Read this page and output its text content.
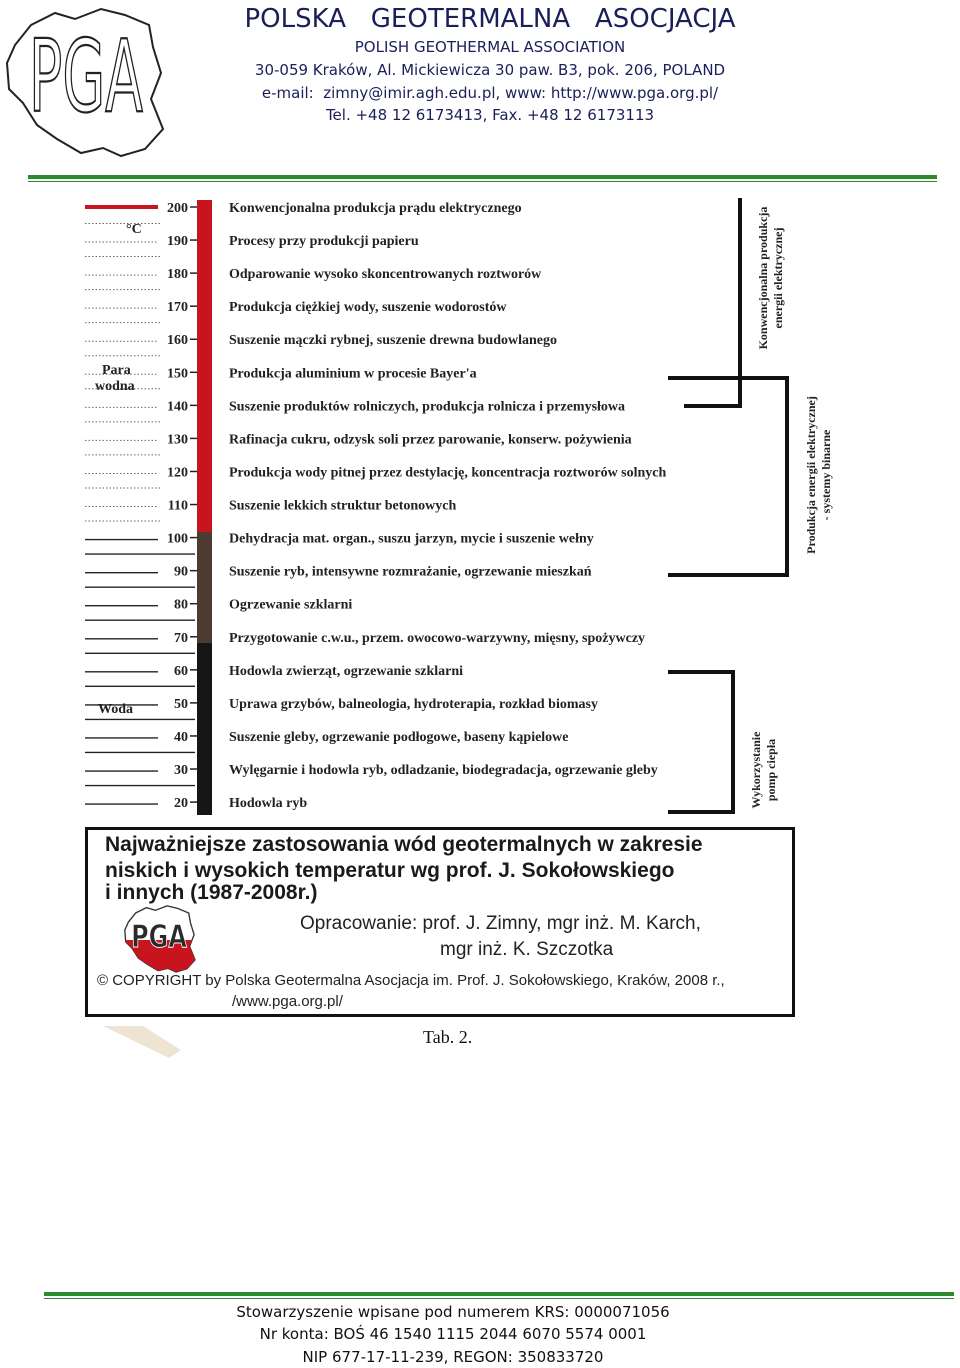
PGA	POLSKA   GEOTERMALNA   ASOCJACJA
POLISH GEOTHERMAL ASSOCIATION
30-059 Kraków, Al. Mickiewicza 30 paw. B3, pok. 206, POLAND
e-mail:  zimny@imir.agh.edu.pl, www: http://www.pga.org.pl/
Tel. +48 12 6173413, Fax. +48 12 6173113
200	Konwencjonalna produkcja prądu elektrycznego
190	Procesy przy produkcji papieru
180	Odparowanie wysoko skoncentrowanych roztworów
170	Produkcja ciężkiej wody, suszenie wodorostów
160	Suszenie mączki rybnej, suszenie drewna budowlanego
150	Produkcja aluminium w procesie Bayer'a
140	Suszenie produktów rolniczych, produkcja rolnicza i przemysłowa
130	Rafinacja cukru, odzysk soli przez parowanie, konserw. pożywienia
120	Produkcja wody pitnej przez destylację, koncentracja roztworów solnych
110	Suszenie lekkich struktur betonowych
100	Dehydracja mat. organ., suszu jarzyn, mycie i suszenie wełny
90	Suszenie ryb, intensywne rozmrażanie, ogrzewanie mieszkań
80	Ogrzewanie szklarni
70	Przygotowanie c.w.u., przem. owocowo-warzywny, mięsny, spożywczy
60	Hodowla zwierząt, ogrzewanie szklarni
50	Uprawa grzybów, balneologia, hydroterapia, rozkład biomasy
40	Suszenie gleby, ogrzewanie podłogowe, baseny kąpielowe
30	Wylęgarnie i hodowla ryb, odladzanie, biodegradacja, ogrzewanie gleby
20	Hodowla ryb
°C
Para
wodna
Woda
Konwencjonalna produkcja energii elektrycznej
Produkcja energii elektrycznej - systemy binarne
Wykorzystanie pomp ciepła
Najważniejsze zastosowania wód geotermalnych w zakresie
niskich i wysokich temperatur wg prof. J. Sokołowskiego
i innych (1987-2008r.)
PGA	Opracowanie: prof. J. Zimny, mgr inż. M. Karch,
mgr inż. K. Szczotka
© COPYRIGHT by Polska Geotermalna Asocjacja im. Prof. J. Sokołowskiego, Kraków, 2008 r.,
/www.pga.org.pl/
Tab. 2.
Stowarzyszenie wpisane pod numerem KRS: 0000071056
Nr konta: BOŚ 46 1540 1115 2044 6070 5574 0001
NIP 677-17-11-239, REGON: 350833720
